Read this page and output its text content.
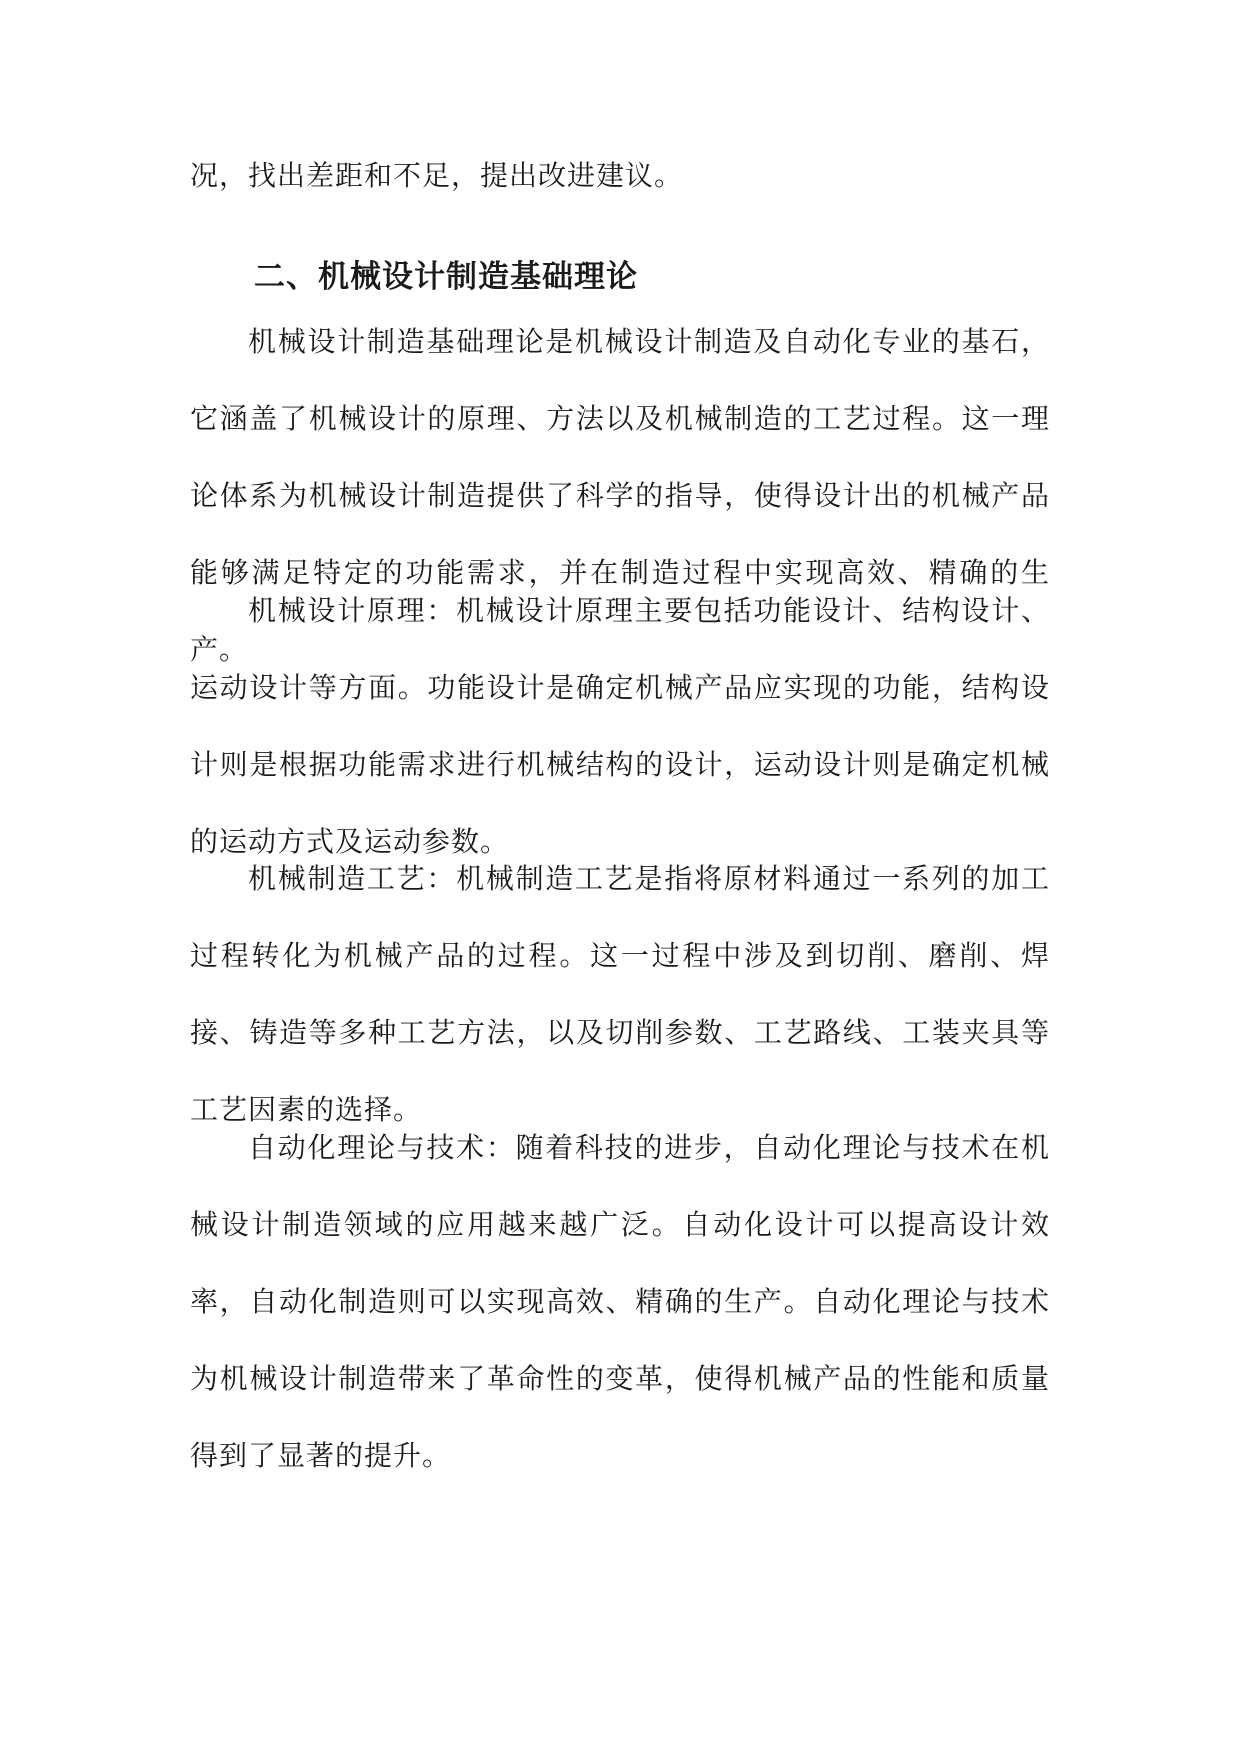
况，找出差距和不足，提出改进建议。

二、机械设计制造基础理论

机械设计制造基础理论是机械设计制造及自动化专业的基石，它涵盖了机械设计的原理、方法以及机械制造的工艺过程。这一理论体系为机械设计制造提供了科学的指导，使得设计出的机械产品能够满足特定的功能需求，并在制造过程中实现高效、精确的生产。

机械设计原理：机械设计原理主要包括功能设计、结构设计、运动设计等方面。功能设计是确定机械产品应实现的功能，结构设计则是根据功能需求进行机械结构的设计，运动设计则是确定机械的运动方式及运动参数。

机械制造工艺：机械制造工艺是指将原材料通过一系列的加工过程转化为机械产品的过程。这一过程中涉及到切削、磨削、焊接、铸造等多种工艺方法，以及切削参数、工艺路线、工装夹具等工艺因素的选择。

自动化理论与技术：随着科技的进步，自动化理论与技术在机械设计制造领域的应用越来越广泛。自动化设计可以提高设计效率，自动化制造则可以实现高效、精确的生产。自动化理论与技术为机械设计制造带来了革命性的变革，使得机械产品的性能和质量得到了显著的提升。
